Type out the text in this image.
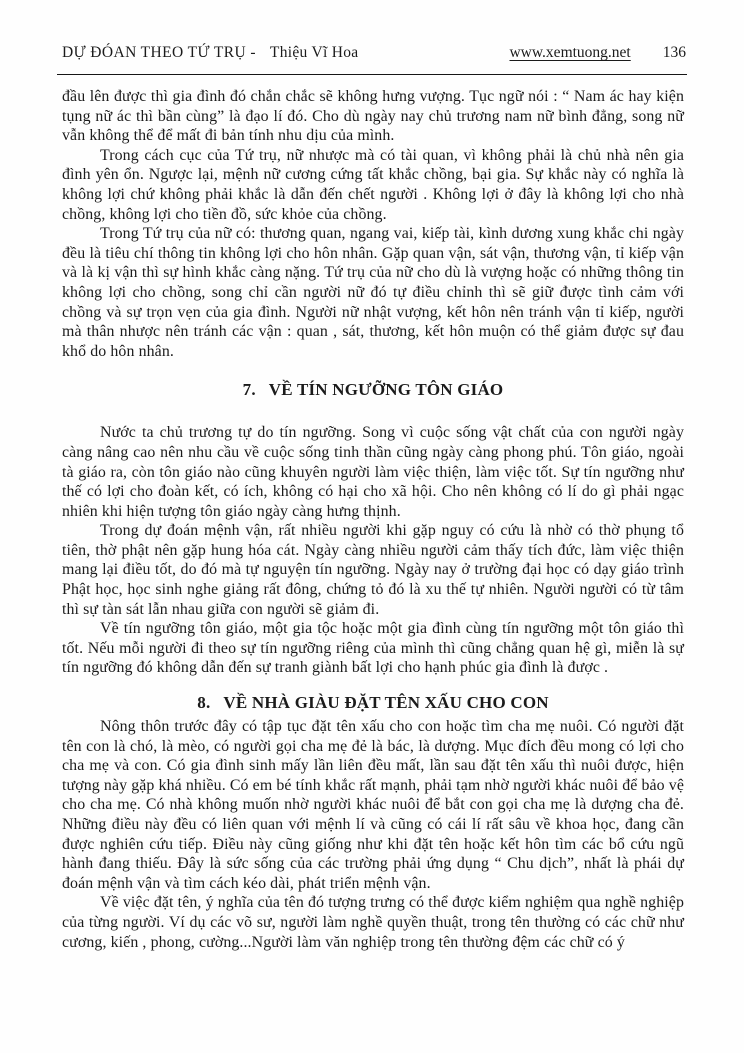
DỰ ĐÓAN THEO TỨ TRỤ - Thiệu Vĩ Hoa	www.xemtuong.net 136

đầu lên được thì gia đình đó chắn chắc sẽ không hưng vượng. Tục ngữ nói : “ Nam ác hay kiện tụng nữ ác thì bần cùng” là đạo lí đó. Cho dù ngày nay chủ trương nam nữ bình đẳng, song nữ vẫn không thể để mất đi bản tính nhu dịu của mình.

Trong cách cục của Tứ trụ, nữ nhược mà có tài quan, vì không phải là chủ nhà nên gia đình yên ổn. Ngược lại, mệnh nữ cương cứng tất khắc chồng, bại gia. Sự khắc này có nghĩa là không lợi chứ không phải khắc là dẫn đến chết người . Không lợi ở đây là không lợi cho nhà chồng, không lợi cho tiền đồ, sức khỏe của chồng.

Trong Tứ trụ của nữ có: thương quan, ngang vai, kiếp tài, kình dương xung khắc chi ngày đều là tiêu chí thông tin không lợi cho hôn nhân. Gặp quan vận, sát vận, thương vận, tỉ kiếp vận và là kị vận thì sự hình khắc càng nặng. Tứ trụ của nữ cho dù là vượng hoặc có những thông tin không lợi cho chồng, song chỉ cần người nữ đó tự điều chỉnh thì sẽ giữ được tình cảm với chồng và sự trọn vẹn của gia đình. Người nữ nhật vượng, kết hôn nên tránh vận tỉ kiếp, người mà thân nhược nên tránh các vận : quan , sát, thương, kết hôn muộn có thể giảm được sự đau khổ do hôn nhân.

7. VỀ TÍN NGƯỠNG TÔN GIÁO

Nước ta chủ trương tự do tín ngưỡng. Song vì cuộc sống vật chất của con người ngày càng nâng cao nên nhu cầu về cuộc sống tinh thần cũng ngày càng phong phú. Tôn giáo, ngoài tà giáo ra, còn tôn giáo nào cũng khuyên người làm việc thiện, làm việc tốt. Sự tín ngưỡng như thế có lợi cho đoàn kết, có ích, không có hại cho xã hội. Cho nên không có lí do gì phải ngạc nhiên khi hiện tượng tôn giáo ngày càng hưng thịnh.

Trong dự đoán mệnh vận, rất nhiều người khi gặp nguy có cứu là nhờ có thờ phụng tổ tiên, thờ phật nên gặp hung hóa cát. Ngày càng nhiều người cảm thấy tích đức, làm việc thiện mang lại điều tốt, do đó mà tự nguyện tín ngưỡng. Ngày nay ở trường đại học có dạy giáo trình Phật học, học sinh nghe giảng rất đông, chứng tỏ đó là xu thế tự nhiên. Người người có từ tâm thì sự tàn sát lẫn nhau giữa con người sẽ giảm đi.

Về tín ngưỡng tôn giáo, một gia tộc hoặc một gia đình cùng tín ngưỡng một tôn giáo thì tốt. Nếu mỗi người đi theo sự tín ngưỡng riêng của mình thì cũng chẳng quan hệ gì, miễn là sự tín ngưỡng đó không dẫn đến sự tranh giành bất lợi cho hạnh phúc gia đình là được .

8. VỀ NHÀ GIÀU ĐẶT TÊN XẤU CHO CON

Nông thôn trước đây có tập tục đặt tên xấu cho con hoặc tìm cha mẹ nuôi. Có người đặt tên con là chó, là mèo, có người gọi cha mẹ đẻ là bác, là dượng. Mục đích đều mong có lợi cho cha mẹ và con. Có gia đình sinh mấy lần liên đều mất, lần sau đặt tên xấu thì nuôi được, hiện tượng này gặp khá nhiều. Có em bé tính khắc rất mạnh, phải tạm nhờ người khác nuôi để bảo vệ cho cha mẹ. Có nhà không muốn nhờ người khác nuôi để bắt con gọi cha mẹ là dượng cha đẻ. Những điều này đều có liên quan với mệnh lí và cũng có cái lí rất sâu về khoa học, đang cần được nghiên cứu tiếp. Điều này cũng giống như khi đặt tên hoặc kết hôn tìm các bổ cứu ngũ hành đang thiếu. Đây là sức sống của các trường phải ứng dụng “ Chu dịch”, nhất là phái dự đoán mệnh vận và tìm cách kéo dài, phát triển mệnh vận.

Về việc đặt tên, ý nghĩa của tên đó tượng trưng có thể được kiểm nghiệm qua nghề nghiệp của từng người. Ví dụ các võ sư, người làm nghề quyền thuật, trong tên thường có các chữ như cương, kiến , phong, cường...Người làm văn nghiệp trong tên thường đệm các chữ có ý
